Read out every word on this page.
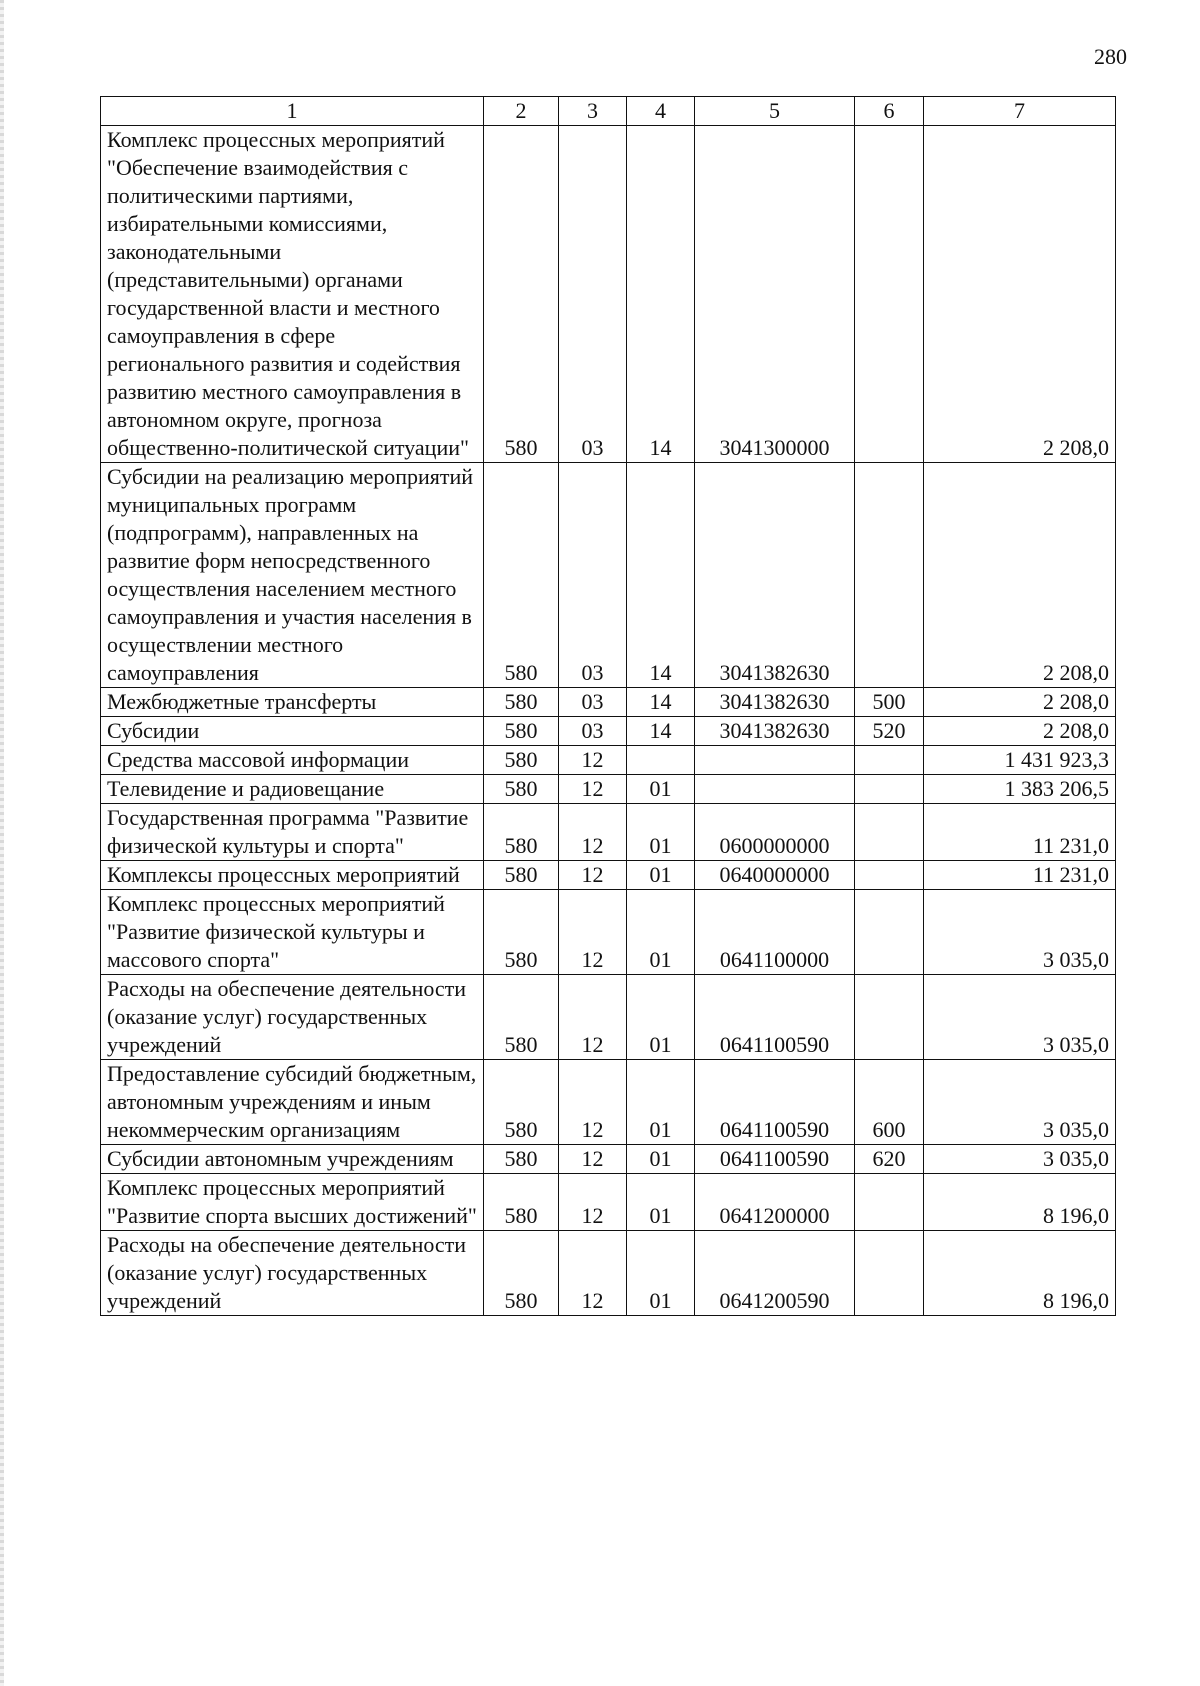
280
1	2	3	4	5	6	7
Комплекс процессных мероприятий "Обеспечение взаимодействия с политическими партиями, избирательными комиссиями, законодательными (представительными) органами государственной власти и местного самоуправления в сфере регионального развития и содействия развитию местного самоуправления в автономном округе, прогноза общественно-политической ситуации"	580	03	14	3041300000		2 208,0
Субсидии на реализацию мероприятий муниципальных программ (подпрограмм), направленных на развитие форм непосредственного осуществления населением местного самоуправления и участия населения в осуществлении местного самоуправления	580	03	14	3041382630		2 208,0
Межбюджетные трансферты	580	03	14	3041382630	500	2 208,0
Субсидии	580	03	14	3041382630	520	2 208,0
Средства массовой информации	580	12				1 431 923,3
Телевидение и радиовещание	580	12	01			1 383 206,5
Государственная программа "Развитие физической культуры и спорта"	580	12	01	0600000000		11 231,0
Комплексы процессных мероприятий	580	12	01	0640000000		11 231,0
Комплекс процессных мероприятий "Развитие физической культуры и массового спорта"	580	12	01	0641100000		3 035,0
Расходы на обеспечение деятельности (оказание услуг) государственных учреждений	580	12	01	0641100590		3 035,0
Предоставление субсидий бюджетным, автономным учреждениям и иным некоммерческим организациям	580	12	01	0641100590	600	3 035,0
Субсидии автономным учреждениям	580	12	01	0641100590	620	3 035,0
Комплекс процессных мероприятий "Развитие спорта высших достижений"	580	12	01	0641200000		8 196,0
Расходы на обеспечение деятельности (оказание услуг) государственных учреждений	580	12	01	0641200590		8 196,0
